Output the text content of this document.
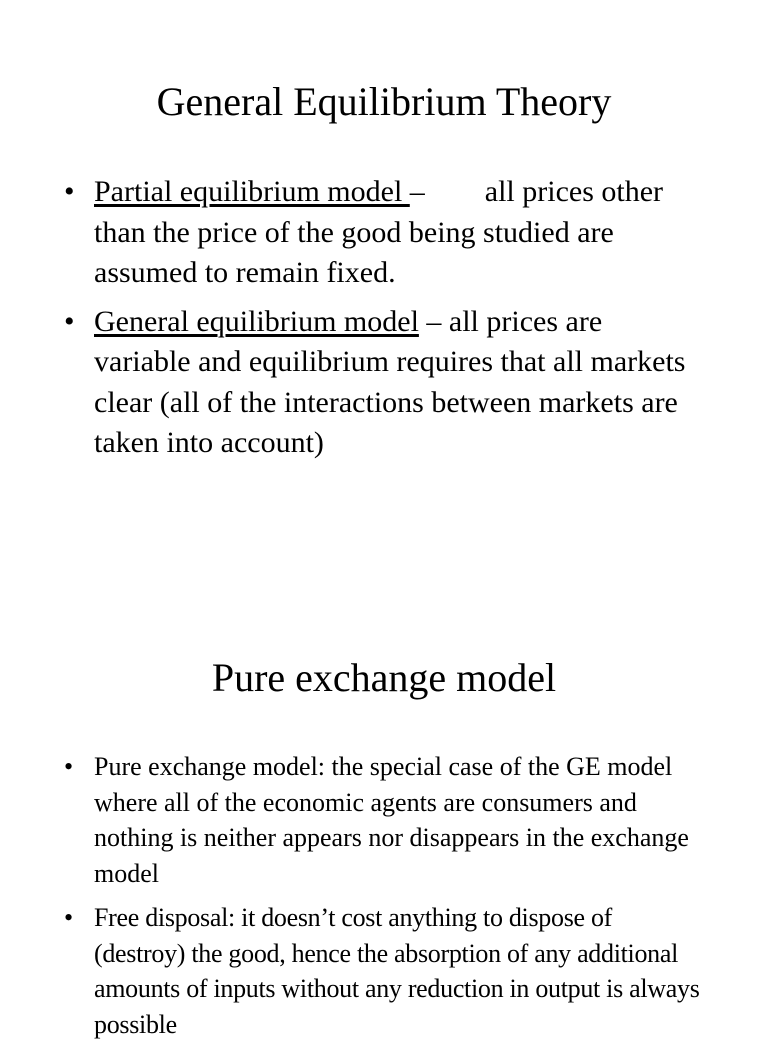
General Equilibrium Theory
• Partial equilibrium model – all prices other than the price of the good being studied are assumed to remain fixed.
• General equilibrium model – all prices are variable and equilibrium requires that all markets clear (all of the interactions between markets are taken into account)
Pure exchange model
• Pure exchange model: the special case of the GE model where all of the economic agents are consumers and nothing is neither appears nor disappears in the exchange model
• Free disposal: it doesn’t cost anything to dispose of (destroy) the good, hence the absorption of any additional amounts of inputs without any reduction in output is always possible
